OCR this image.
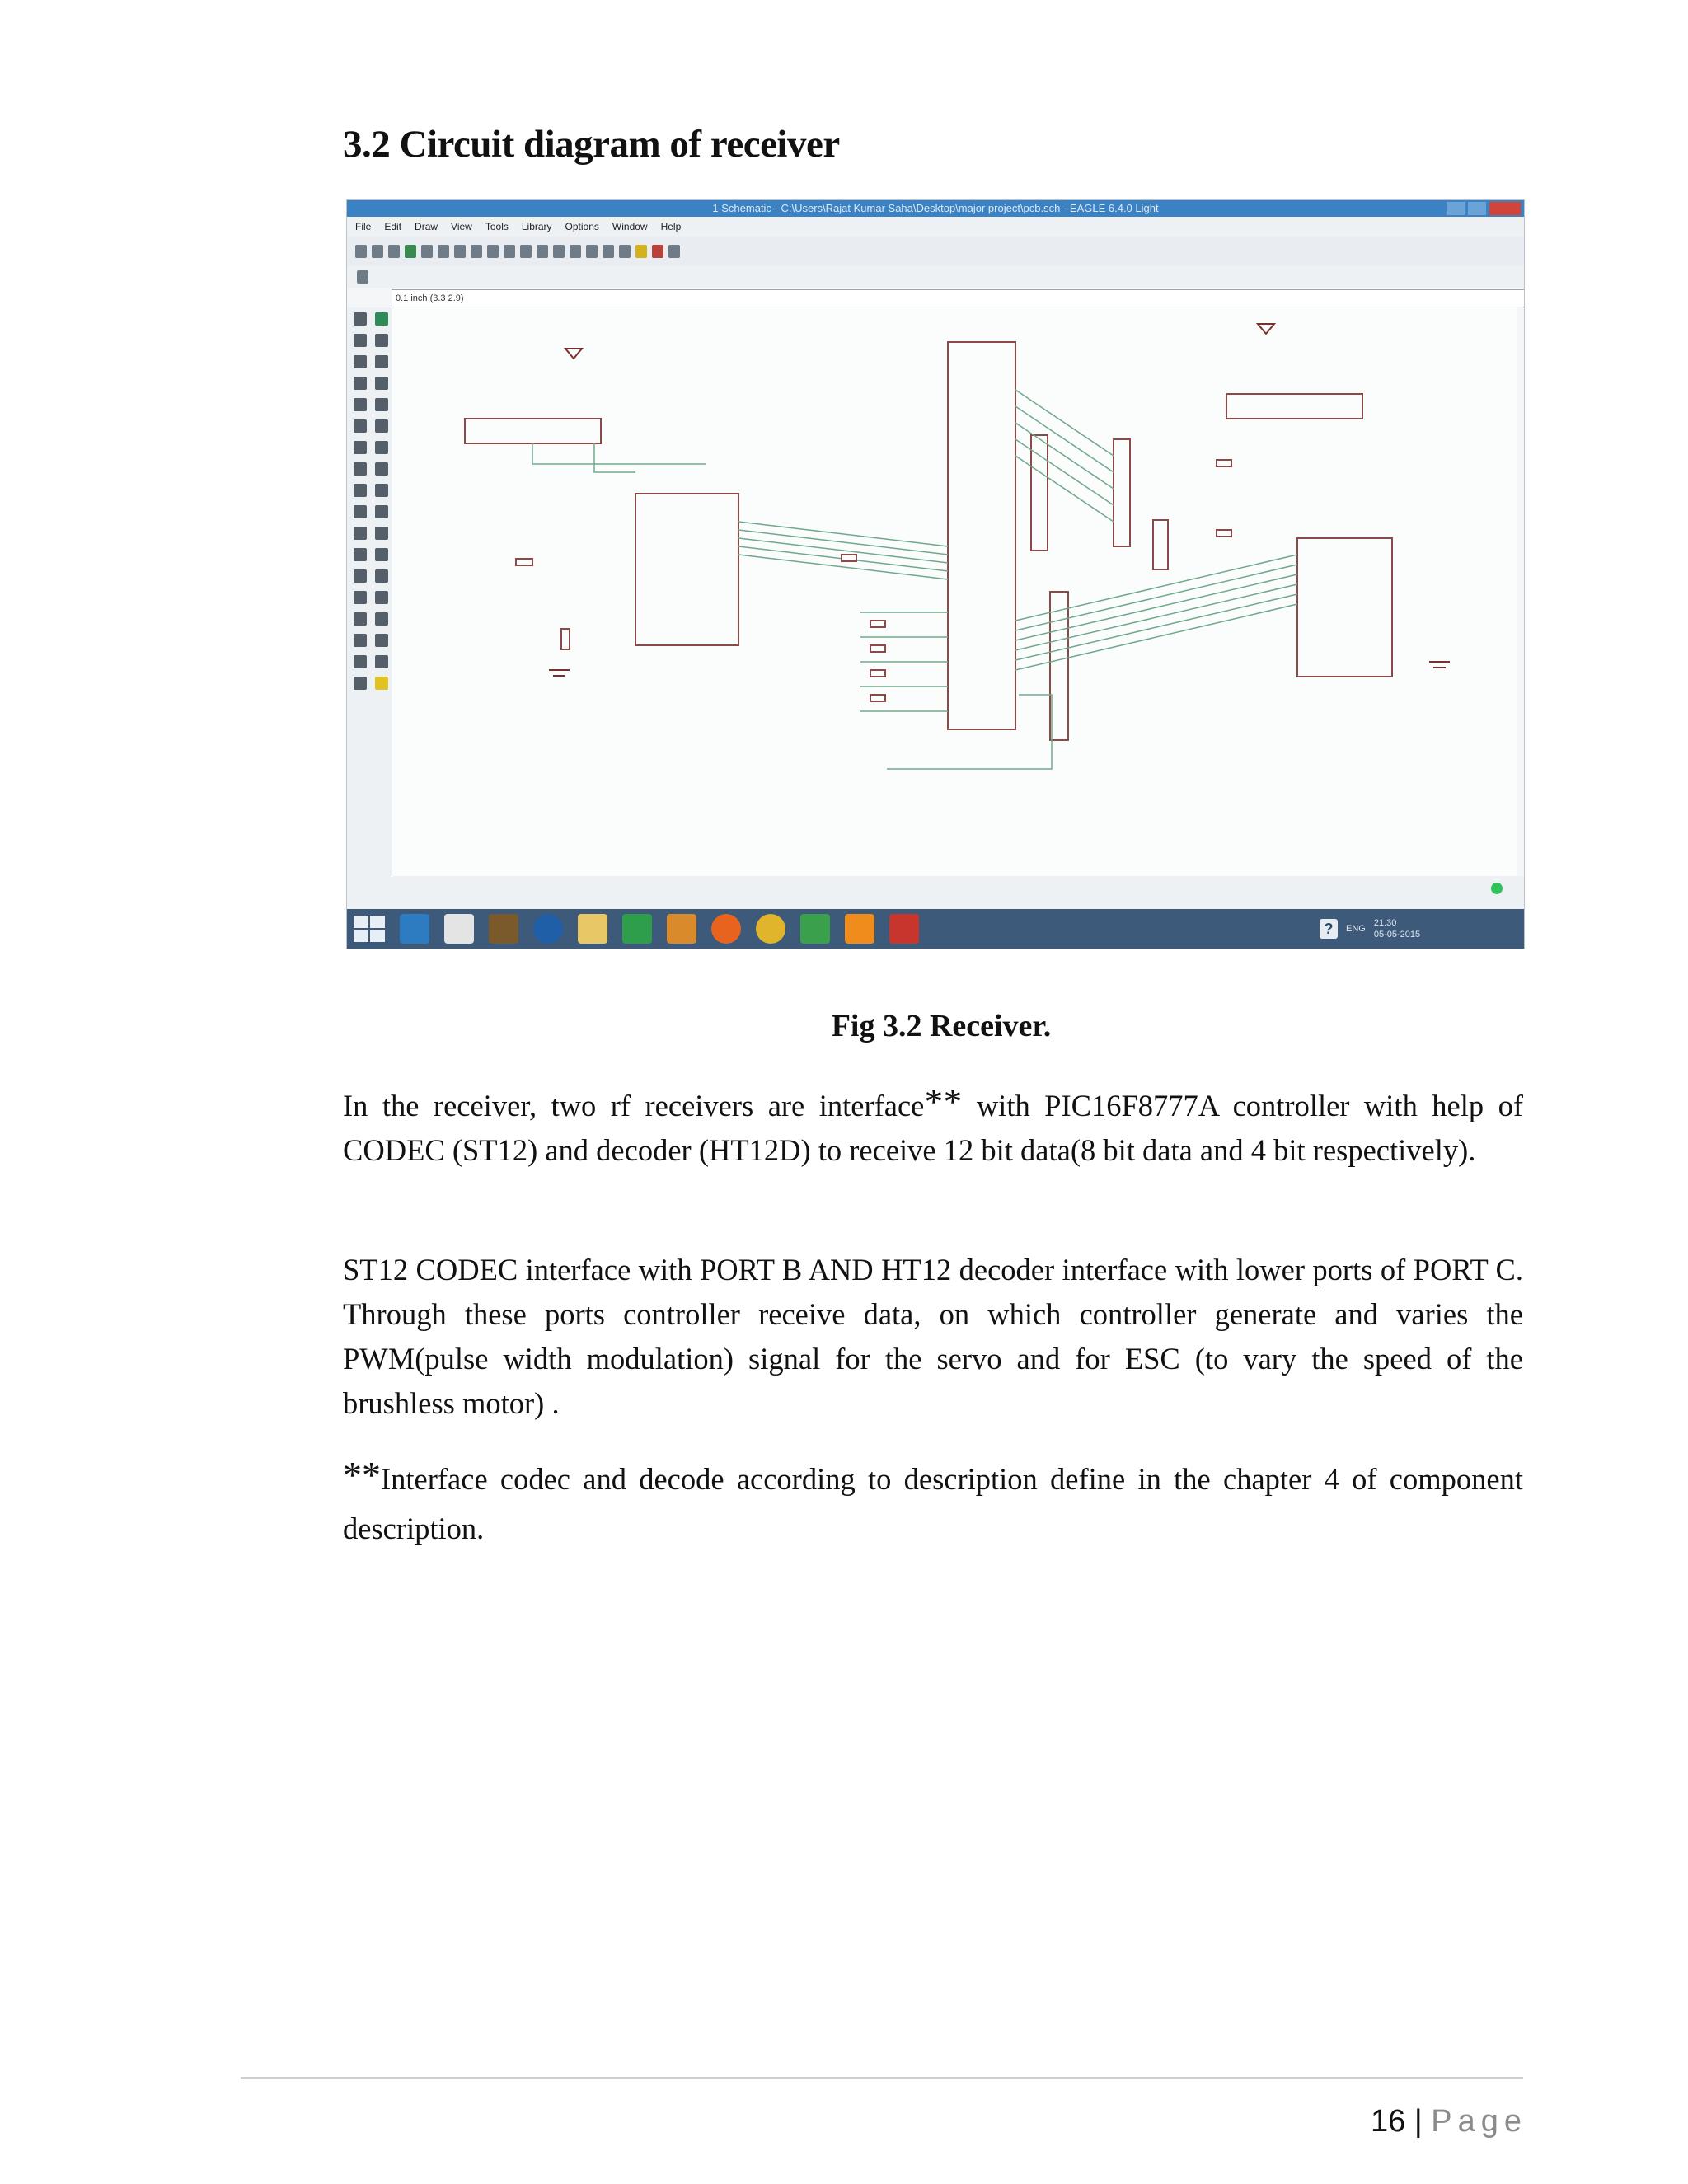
3.2 Circuit diagram of receiver
1 Schematic - C:\Users\Rajat Kumar Saha\Desktop\major project\pcb.sch - EAGLE 6.4.0 Light
File Edit Draw View Tools Library Options Window Help
0.1 inch (3.3 2.9)
?	ENG
21:30
05-05-2015
Fig 3.2 Receiver.

In the receiver, two rf receivers are interface** with PIC16F8777A controller with help of CODEC (ST12) and decoder (HT12D) to receive 12 bit data(8 bit data and 4 bit respectively).

ST12 CODEC interface with PORT B AND HT12 decoder interface with lower ports of PORT C. Through these ports controller receive data, on which controller generate and varies the PWM(pulse width modulation) signal for the servo and for ESC (to vary the speed of the brushless motor) .

**Interface codec and decode according to description define in the chapter 4 of component description.

16 | Page
